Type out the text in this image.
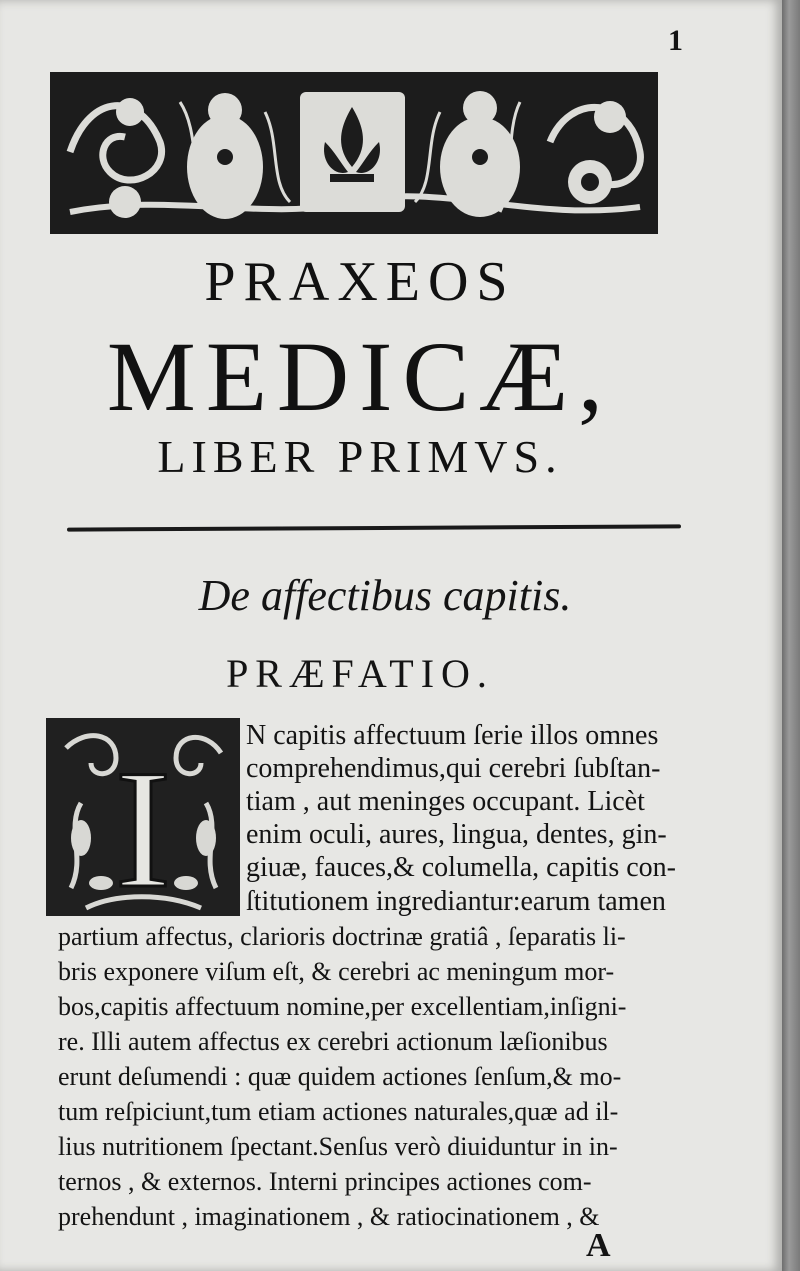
1
PRAXEOS
MEDICÆ,
LIBER PRIMVS.
De affectibus capitis.
PRÆFATIO.
I	N capitis affectuum ſerie illos omnes
comprehendimus,qui cerebri ſubſtan-
tiam , aut meninges occupant. Licèt
enim oculi, aures, lingua, dentes, gin-
giuæ, fauces,& columella, capitis con-
ſtitutionem ingrediantur:earum tamen
partium affectus, clarioris doctrinæ gratiâ , ſeparatis li-
bris exponere viſum eſt, & cerebri ac meningum mor-
bos,capitis affectuum nomine,per excellentiam,inſigni-
re. Illi autem affectus ex cerebri actionum læſionibus
erunt deſumendi : quæ quidem actiones ſenſum,& mo-
tum reſpiciunt,tum etiam actiones naturales,quæ ad il-
lius nutritionem ſpectant.Senſus verò diuiduntur in in-
ternos , & externos. Interni principes actiones com-
prehendunt , imaginationem , & ratiocinationem , &
A
